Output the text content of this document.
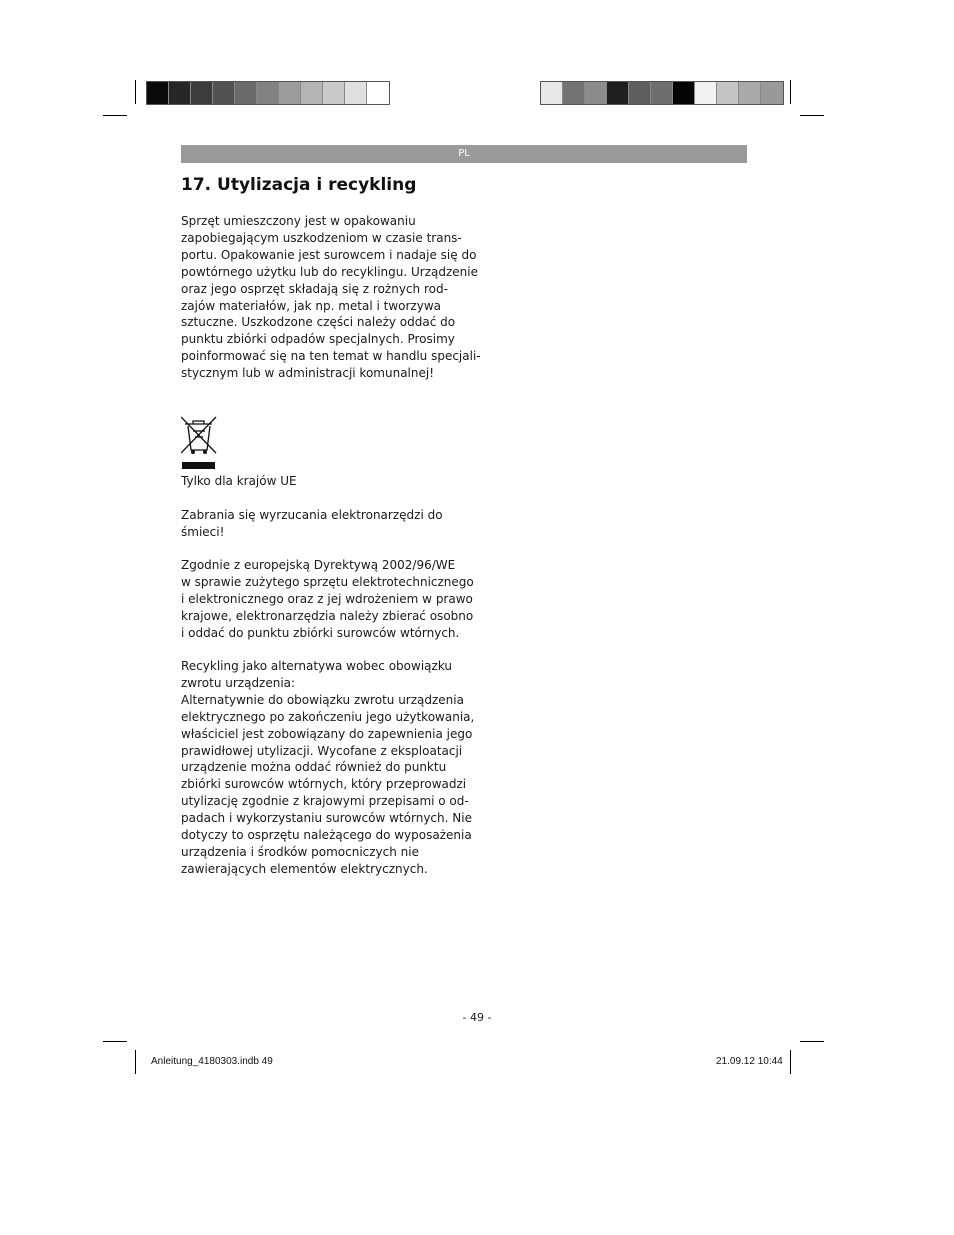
PL
17. Utylizacja i recykling
Sprzęt umieszczony jest w opakowaniu
zapobiegającym uszkodzeniom w czasie trans-
portu. Opakowanie jest surowcem i nadaje się do
powtórnego użytku lub do recyklingu. Urządzenie
oraz jego osprzęt składają się z rożnych rod-
zajów materiałów, jak np. metal i tworzywa
sztuczne. Uszkodzone części należy oddać do
punktu zbiórki odpadów specjalnych. Prosimy
poinformować się na ten temat w handlu specjali-
stycznym lub w administracji komunalnej!
Tylko dla krajów UE
Zabrania się wyrzucania elektronarzędzi do
śmieci!
Zgodnie z europejską Dyrektywą 2002/96/WE
w sprawie zużytego sprzętu elektrotechnicznego
i elektronicznego oraz z jej wdrożeniem w prawo
krajowe, elektronarzędzia należy zbierać osobno
i oddać do punktu zbiórki surowców wtórnych.
Recykling jako alternatywa wobec obowiązku
zwrotu urządzenia:
Alternatywnie do obowiązku zwrotu urządzenia
elektrycznego po zakończeniu jego użytkowania,
właściciel jest zobowiązany do zapewnienia jego
prawidłowej utylizacji. Wycofane z eksploatacji
urządzenie można oddać również do punktu
zbiórki surowców wtórnych, który przeprowadzi
utylizację zgodnie z krajowymi przepisami o od-
padach i wykorzystaniu surowców wtórnych. Nie
dotyczy to osprzętu należącego do wyposażenia
urządzenia i środków pomocniczych nie
zawierających elementów elektrycznych.
- 49 -
Anleitung_4180303.indb 49	21.09.12 10:44
